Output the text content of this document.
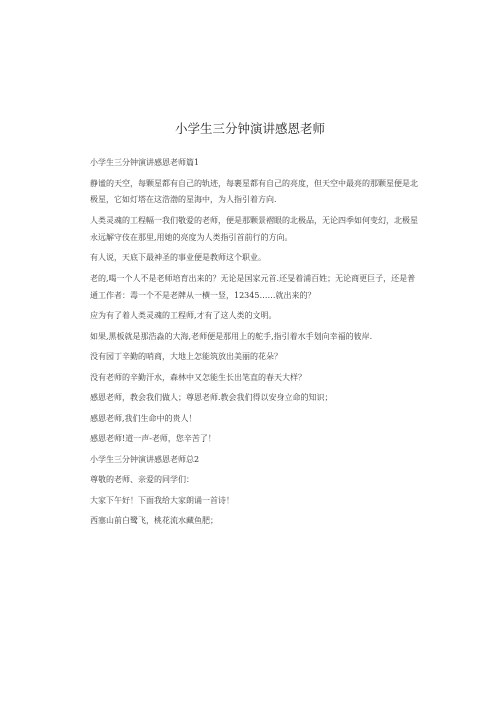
小学生三分钟演讲感恩老师

小学生三分钟演讲感恩老师篇1

静谧的天空，每颗星都有自己的轨迹，每裹星都有自己的亮度，但天空中最亮的那颗星便是北极星，它如灯塔在这浩渤的星海中，为人指引着方向.

人类灵魂的工程幅一我们敬爱的老师，便是那颗景褶眼的北极品，无论四季如何变幻，北极星永远解守伎在那里,用她的亮度为人类指引首前行的方向。

有人说，天底下最神圣的事业便是教师这个职业。

老的,喝一个人不是老师培育出来的？无论是国家元首.还旻着浦百姓；无论商更巨子，还是普通工作者：毒一个不是老牌从一横一竖，12345……就出来的？

应为有了着人类灵魂的工程师,才有了这人类的文明。

如果,黑板就是那浩淼的大海,老师便是那用上的舵手,指引着水手划向幸福的彼岸.

没有园丁辛勤的哨商，大地上怎能筑放出美丽的花朵？

没有老师的辛勤汗水，森林中又怎能生长出笔直的春天大样？

感恩老师，教会我们做人；尊恩老师.教会我们得以安身立命的知识；

感恩老师,我们生命中的贵人！

感恩老师!道一声-老师，您辛苦了！

小学生三分钟演讲感恩老师总2

尊敬的老师、亲爱的同学们：

大家下午好！下面我给大家朗诵一首诗！

西塞山前白鹭飞，桃花流水藏鱼肥；
